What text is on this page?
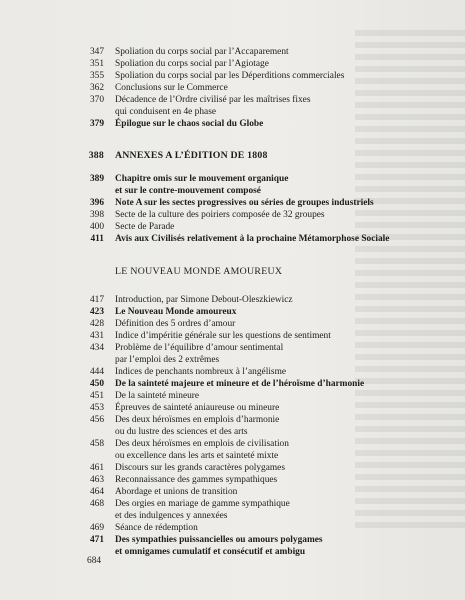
347 Spoliation du corps social par l’Accaparement
351 Spoliation du corps social par l’Agiotage
355 Spoliation du corps social par les Déperditions commerciales
362 Conclusions sur le Commerce
370 Décadence de l’Ordre civilisé par les maîtrises fixes
qui conduisent en 4e phase
379 Épilogue sur le chaos social du Globe
388 ANNEXES A L’ÉDITION DE 1808
389 Chapitre omis sur le mouvement organique
et sur le contre-mouvement composé
396 Note A sur les sectes progressives ou séries de groupes industriels
398 Secte de la culture des poiriers composée de 32 groupes
400 Secte de Parade
411 Avis aux Civilisés relativement à la prochaine Métamorphose Sociale
LE NOUVEAU MONDE AMOUREUX
417 Introduction, par Simone Debout-Oleszkiewicz
423 Le Nouveau Monde amoureux
428 Définition des 5 ordres d’amour
431 Indice d’impéritie générale sur les questions de sentiment
434 Problème de l’équilibre d’amour sentimental
par l’emploi des 2 extrêmes
444 Indices de penchants nombreux à l’angélisme
450 De la sainteté majeure et mineure et de l’héroïsme d’harmonie
451 De la sainteté mineure
453 Épreuves de sainteté aniaureuse ou mineure
456 Des deux héroïsmes en emplois d’harmonie
ou du lustre des sciences et des arts
458 Des deux héroïsmes en emplois de civilisation
ou excellence dans les arts et sainteté mixte
461 Discours sur les grands caractères polygames
463 Reconnaissance des gammes sympathiques
464 Abordage et unions de transition
468 Des orgies en mariage de gamme sympathique
et des indulgences y annexées
469 Séance de rédemption
471 Des sympathies puissancielles ou amours polygames
et omnigames cumulatif et consécutif et ambigu
684
